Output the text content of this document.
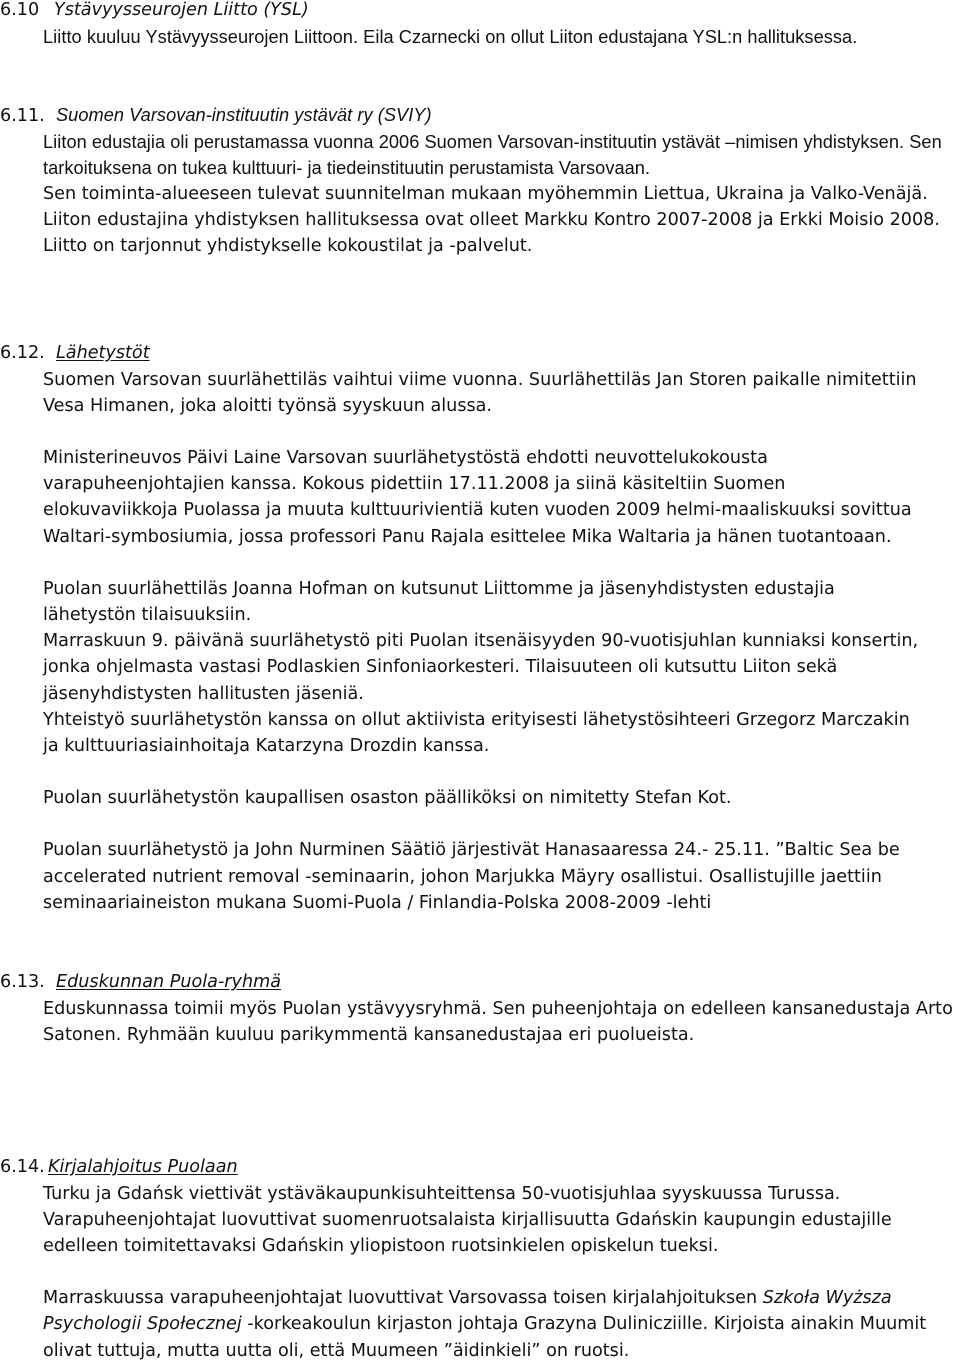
6.10 Ystävyysseurojen Liitto (YSL)

Liitto kuuluu Ystävyysseurojen Liittoon. Eila Czarnecki on ollut Liiton edustajana YSL:n hallituksessa.

6.11. Suomen Varsovan-instituutin ystävät ry (SVIY)

Liiton edustajia oli perustamassa vuonna 2006 Suomen Varsovan-instituutin ystävät –nimisen yhdistyksen. Sen tarkoituksena on tukea kulttuuri- ja tiedeinstituutin perustamista Varsovaan.

Sen toiminta-alueeseen tulevat suunnitelman mukaan myöhemmin Liettua, Ukraina ja Valko-Venäjä.

Liiton edustajina yhdistyksen hallituksessa ovat olleet Markku Kontro 2007-2008 ja Erkki Moisio 2008.

Liitto on tarjonnut yhdistykselle kokoustilat ja -palvelut.

6.12. Lähetystöt

Suomen Varsovan suurlähettiläs vaihtui viime vuonna. Suurlähettiläs Jan Storen paikalle nimitettiin Vesa Himanen, joka aloitti työnsä syyskuun alussa.

Ministerineuvos Päivi Laine Varsovan suurlähetystöstä ehdotti neuvottelukokousta varapuheenjohtajien kanssa. Kokous pidettiin 17.11.2008 ja siinä käsiteltiin Suomen elokuvaviikkoja Puolassa ja muuta kulttuurivientiä kuten vuoden 2009 helmi-maaliskuuksi sovittua Waltari-symbosiumia, jossa professori Panu Rajala esittelee Mika Waltaria ja hänen tuotantoaan.

Puolan suurlähettiläs Joanna Hofman on kutsunut Liittomme ja jäsenyhdistysten edustajia lähetystön tilaisuuksiin.

Marraskuun 9. päivänä suurlähetystö piti Puolan itsenäisyyden 90-vuotisjuhlan kunniaksi konsertin, jonka ohjelmasta vastasi Podlaskien Sinfoniaorkesteri. Tilaisuuteen oli kutsuttu Liiton sekä jäsenyhdistysten hallitusten jäseniä.

Yhteistyö suurlähetystön kanssa on ollut aktiivista erityisesti lähetystösihteeri Grzegorz Marczakin ja kulttuuriasiainhoitaja Katarzyna Drozdin kanssa.

Puolan suurlähetystön kaupallisen osaston päälliköksi on nimitetty Stefan Kot.

Puolan suurlähetystö ja John Nurminen Säätiö järjestivät Hanasaaressa 24.- 25.11. ”Baltic Sea be accelerated nutrient removal -seminaarin, johon Marjukka Mäyry osallistui. Osallistujille jaettiin seminaariaineiston mukana Suomi-Puola / Finlandia-Polska 2008-2009 -lehti

6.13. Eduskunnan Puola-ryhmä

Eduskunnassa toimii myös Puolan ystävyysryhmä. Sen puheenjohtaja on edelleen kansanedustaja Arto Satonen. Ryhmään kuuluu parikymmentä kansanedustajaa eri puolueista.

6.14. Kirjalahjoitus Puolaan

Turku ja Gdańsk viettivät ystäväkaupunkisuhteittensa 50-vuotisjuhlaa syyskuussa Turussa. Varapuheenjohtajat luovuttivat suomenruotsalaista kirjallisuutta Gdańskin kaupungin edustajille edelleen toimitettavaksi Gdańskin yliopistoon ruotsinkielen opiskelun tueksi.

Marraskuussa varapuheenjohtajat luovuttivat Varsovassa toisen kirjalahjoituksen Szkoła Wyższa Psychologii Społecznej -korkeakoulun kirjaston johtaja Grazyna Dulinicziille. Kirjoista ainakin Muumit olivat tuttuja, mutta uutta oli, että Muumeen ”äidinkieli” on ruotsi.
